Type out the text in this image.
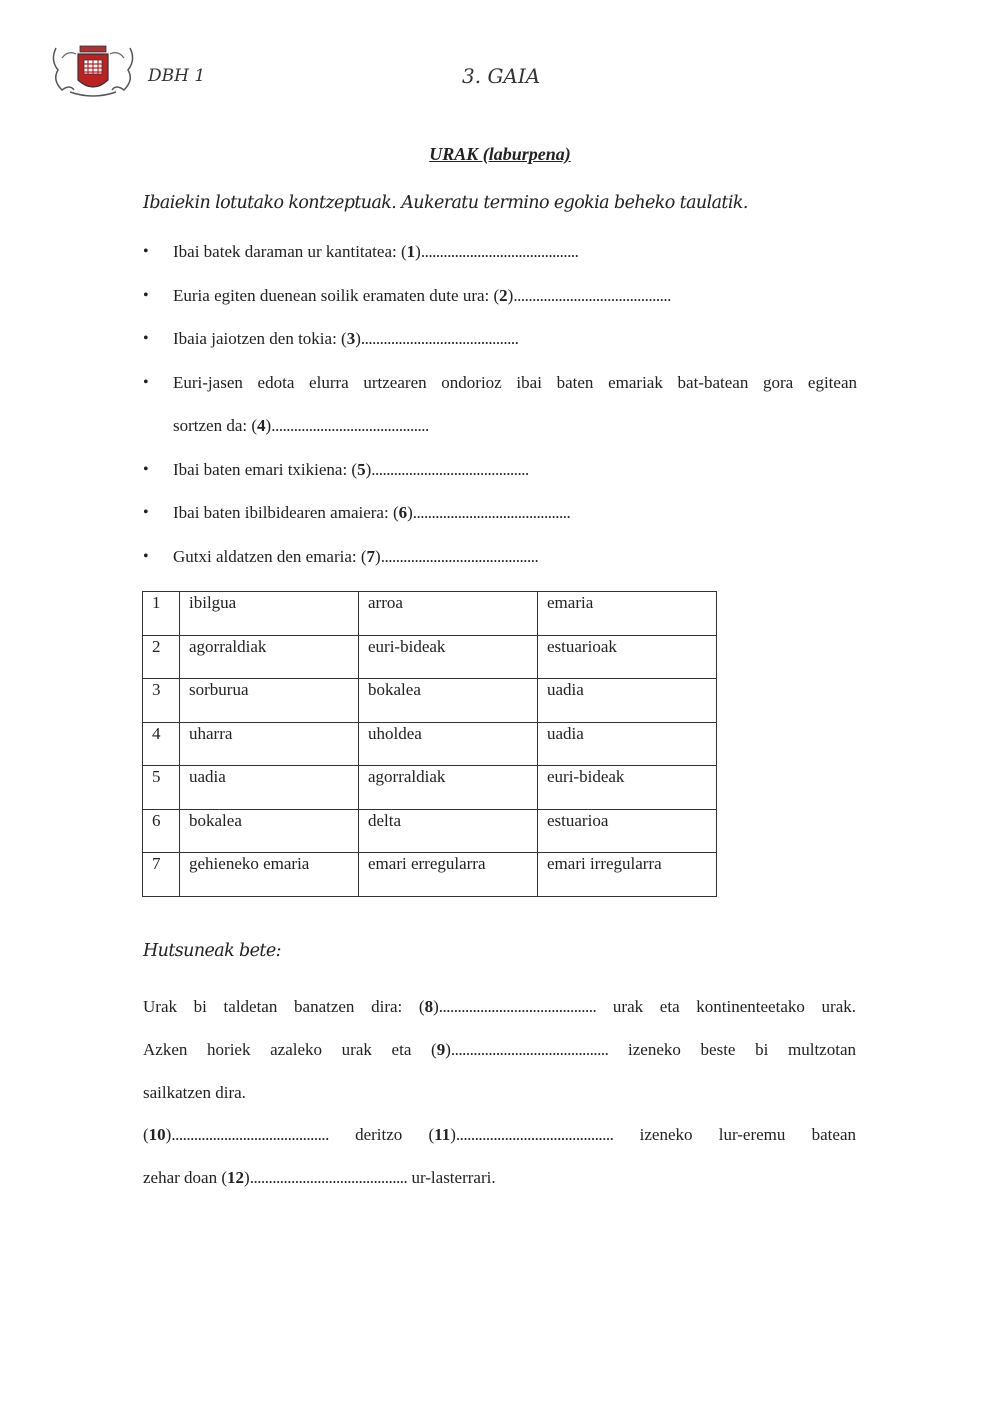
DBH 1	3. GAIA
URAK (laburpena)
Ibaiekin lotutako kontzeptuak. Aukeratu termino egokia beheko taulatik.
• Ibai batek daraman ur kantitatea: (1)..........................................
• Euria egiten duenean soilik eramaten dute ura: (2)..........................................
• Ibaia jaiotzen den tokia: (3)..........................................
• Euri-jasen edota elurra urtzearen ondorioz ibai baten emariak bat-batean gora egitean
sortzen da: (4)..........................................
• Ibai baten emari txikiena: (5)..........................................
• Ibai baten ibilbidearen amaiera: (6)..........................................
• Gutxi aldatzen den emaria: (7)..........................................
1	ibilgua	arroa	emaria
2	agorraldiak	euri-bideak	estuarioak
3	sorburua	bokalea	uadia
4	uharra	uholdea	uadia
5	uadia	agorraldiak	euri-bideak
6	bokalea	delta	estuarioa
7	gehieneko emaria	emari erregularra	emari irregularra
Hutsuneak bete:
Urak bi taldetan banatzen dira: (8).......................................... urak eta kontinenteetako urak.
Azken horiek azaleko urak eta (9).......................................... izeneko beste bi multzotan
sailkatzen dira.
(10).......................................... deritzo (11).......................................... izeneko lur-eremu batean
zehar doan (12).......................................... ur-lasterrari.
